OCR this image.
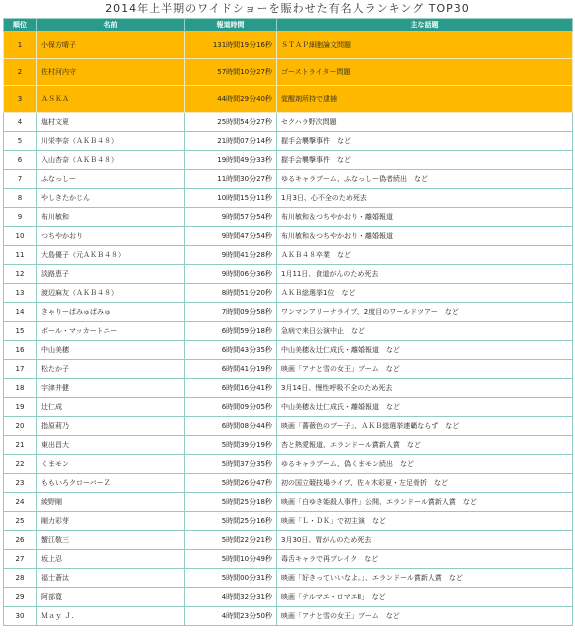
2014年上半期のワイドショーを賑わせた有名人ランキング TOP30
順位	名前	報道時間	主な話題
1	小保方晴子	131時間19分16秒	ＳＴＡＰ細胞論文問題
2	佐村河内守	57時間10分27秒	ゴーストライター問題
3	ＡＳＫＡ	44時間29分40秒	覚醒剤所持で逮捕
4	塩村文夏	25時間54分27秒	セクハラ野次問題
5	川栄李奈（ＡＫＢ４８）	21時間07分14秒	握手会襲撃事件　など
6	入山杏奈（ＡＫＢ４８）	19時間49分33秒	握手会襲撃事件　など
7	ふなっしー	11時間30分27秒	ゆるキャラブーム、ふなっしー偽者続出　など
8	やしきたかじん	10時間15分11秒	1月3日、心不全のため死去
9	布川敏和	9時間57分54秒	布川敏和＆つちやかおり・離婚報道
10	つちやかおり	9時間47分54秒	布川敏和＆つちやかおり・離婚報道
11	大島優子（元ＡＫＢ４８）	9時間41分28秒	ＡＫＢ４８卒業　など
12	淡路恵子	9時間06分36秒	1月11日、食道がんのため死去
13	渡辺麻友（ＡＫＢ４８）	8時間51分20秒	ＡＫＢ総選挙1位　など
14	きゃりーぱみゅぱみゅ	7時間09分58秒	ワンマンアリーナライブ、2度目のワールドツアー　など
15	ポール・マッカートニー	6時間59分18秒	急病で来日公演中止　など
16	中山美穂	6時間43分35秒	中山美穂＆辻仁成氏・離婚報道　など
17	松たか子	6時間41分19秒	映画「アナと雪の女王」ブーム　など
18	宇津井健	6時間16分41秒	3月14日、慢性呼吸不全のため死去
19	辻仁成	6時間09分05秒	中山美穂＆辻仁成氏・離婚報道　など
20	指原莉乃	6時間08分44秒	映画「薔薇色のブー子」、ＡＫＢ総選挙連覇ならず　など
21	東出昌大	5時間39分19秒	杏と熱愛報道、エランドール賞新人賞　など
22	くまモン	5時間37分35秒	ゆるキャラブーム、偽くまモン続出　など
23	ももいろクローバーＺ	5時間26分47秒	初の国立競技場ライブ、佐々木彩夏・左足骨折　など
24	綾野剛	5時間25分18秒	映画「白ゆき姫殺人事件」公開、エランドール賞新人賞　など
25	剛力彩芽	5時間25分16秒	映画「Ｌ・ＤＫ」で初主演　など
26	蟹江敬三	5時間22分21秒	3月30日、胃がんのため死去
27	坂上忍	5時間10分49秒	毒舌キャラで再ブレイク　など
28	福士蒼汰	5時間00分31秒	映画「好きっていいなよ。」、エランドール賞新人賞　など
29	阿部寛	4時間32分31秒	映画「テルマエ・ロマエⅡ」　など
30	Ｍａｙ Ｊ.	4時間23分50秒	映画「アナと雪の女王」ブーム　など
